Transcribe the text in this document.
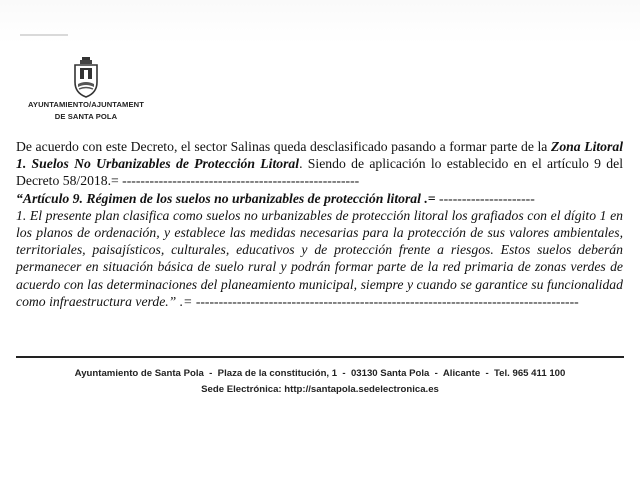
AYUNTAMIENTO/AJUNTAMENT
DE SANTA POLA

De acuerdo con este Decreto, el sector Salinas queda desclasificado pasando a formar parte de la Zona Litoral 1. Suelos No Urbanizables de Protección Litoral. Siendo de aplicación lo establecido en el artículo 9 del Decreto 58/2018.= ----------------------------------------------------

“Artículo 9. Régimen de los suelos no urbanizables de protección litoral .= ---------------------

1. El presente plan clasifica como suelos no urbanizables de protección litoral los grafiados con el dígito 1 en los planos de ordenación, y establece las medidas necesarias para la protección de sus valores ambientales, territoriales, paisajísticos, culturales, educativos y de protección frente a riesgos. Estos suelos deberán permanecer en situación básica de suelo rural y podrán formar parte de la red primaria de zonas verdes de acuerdo con las determinaciones del planeamiento municipal, siempre y cuando se garantice su funcionalidad como infraestructura verde.” .= ------------------------------------------------------------------------------------

Ayuntamiento de Santa Pola  -  Plaza de la constitución, 1  -  03130 Santa Pola  -  Alicante  -  Tel. 965 411 100
Sede Electrónica: http://santapola.sedelectronica.es
